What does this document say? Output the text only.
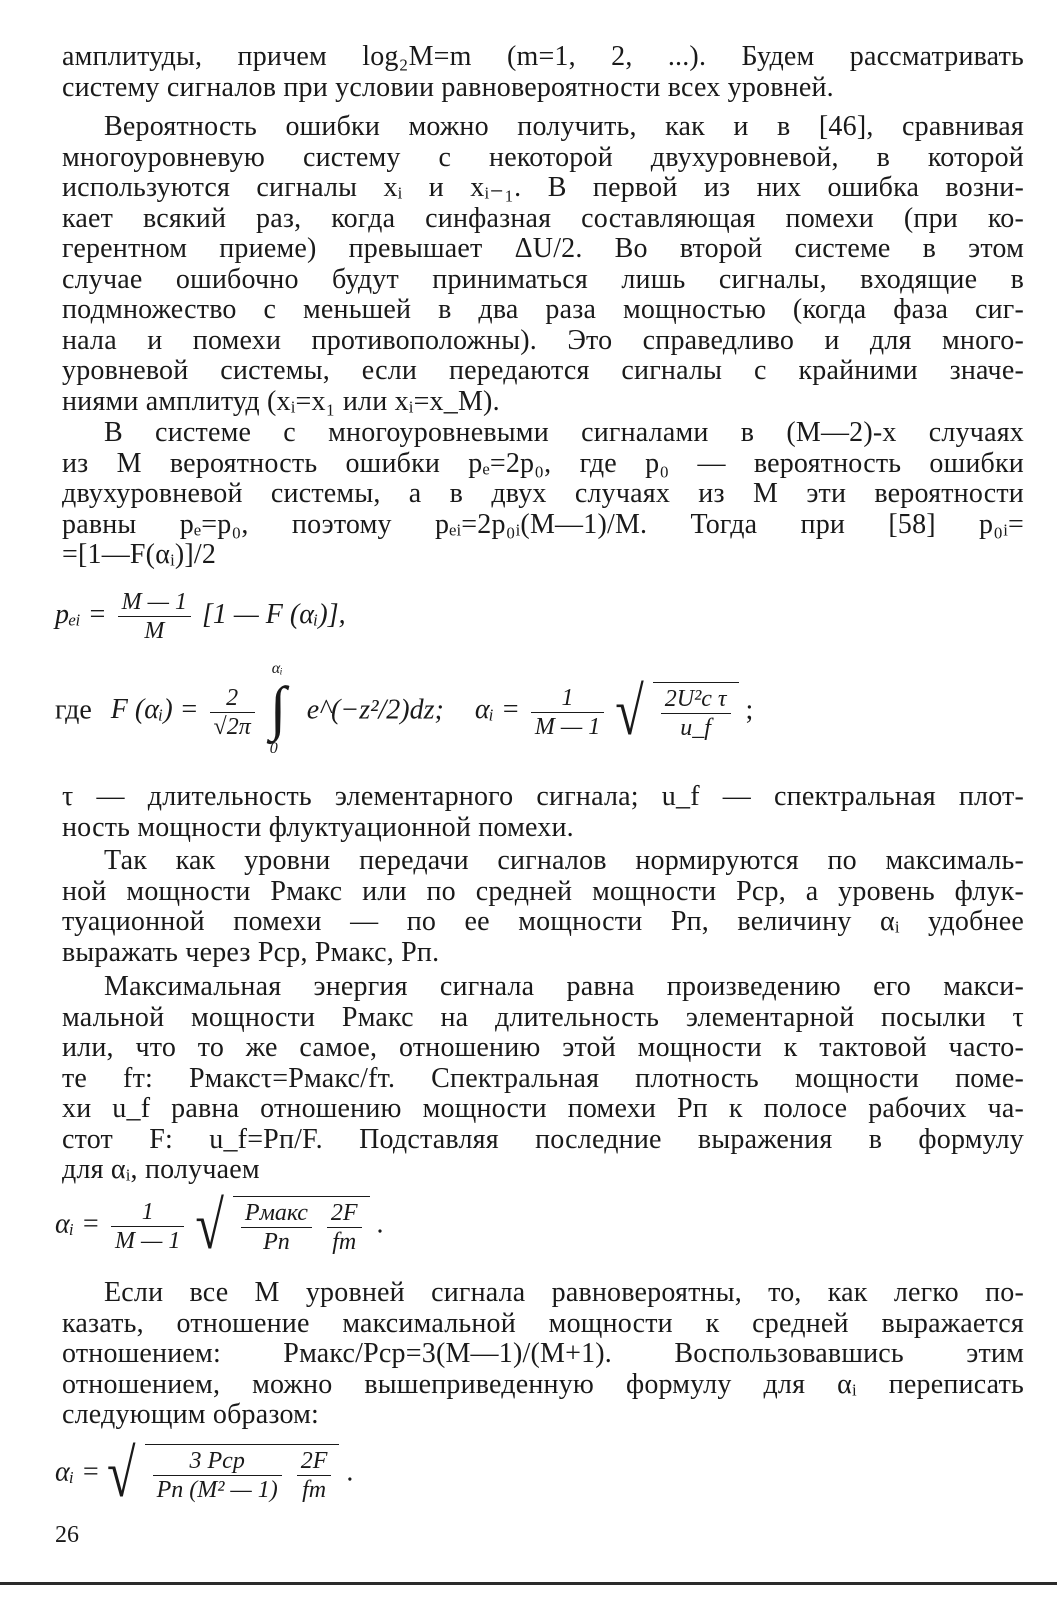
амплитуды, причем log₂M=m (m=1, 2, ...). Будем рассматривать
систему сигналов при условии равновероятности всех уровней.
Вероятность ошибки можно получить, как и в [46], сравнивая
многоуровневую систему с некоторой двухуровневой, в которой
используются сигналы xᵢ и xᵢ₋₁. В первой из них ошибка возни-
кает всякий раз, когда синфазная составляющая помехи (при ко-
герентном приеме) превышает ΔU/2. Во второй системе в этом
случае ошибочно будут приниматься лишь сигналы, входящие в
подмножество с меньшей в два раза мощностью (когда фаза сиг-
нала и помехи противоположны). Это справедливо и для много-
уровневой системы, если передаются сигналы с крайними значе-
ниями амплитуд (xᵢ=x₁ или xᵢ=x_M).
В системе с многоуровневыми сигналами в (M—2)-х случаях
из M вероятность ошибки pₑ=2p₀, где p₀ — вероятность ошибки
двухуровневой системы, а в двух случаях из M эти вероятности
равны pₑ=p₀, поэтому pₑᵢ=2p₀ᵢ(M—1)/M. Тогда при [58] p₀ᵢ=
=[1—F(αᵢ)]/2
pₑᵢ = $\frac{M — 1}{M} [1$ — F (αᵢ)],
где F (αᵢ) = $\frac{2}{√2\pi}$

αᵢ
∫
0
e^(−z²/2)dz; αᵢ = $\frac{1}{M — 1}$ √ $\frac{\text{2U²c τ}}{u\_f}$ ;
τ — длительность элементарного сигнала; u_f — спектральная плот-
ность мощности флуктуационной помехи.
Так как уровни передачи сигналов нормируются по максималь-
ной мощности Pмакс или по средней мощности Pср, а уровень флук-
туационной помехи — по ее мощности Pп, величину αᵢ удобнее
выражать через Pср, Pмакс, Pп.
Максимальная энергия сигнала равна произведению его макси-
мальной мощности Pмакс на длительность элементарной посылки τ
или, что то же самое, отношению этой мощности к тактовой часто-
те fт: Pмаксτ=Pмакс/fт. Спектральная плотность мощности поме-
хи u_f равна отношению мощности помехи Pп к полосе рабочих ча-
стот F: u_f=Pп/F. Подставляя последние выражения в формулу
для αᵢ, получаем
αᵢ = $\frac{1}{M — 1}$ √ $\frac{\text{Pмакс}}{Pп}$
$\frac{2F}{fт}$ .
Если все M уровней сигнала равновероятны, то, как легко по-
казать, отношение максимальной мощности к средней выражается
отношением: Pмакс/Pср=3(M—1)/(M+1). Воспользовавшись этим
отношением, можно вышеприведенную формулу для αᵢ переписать
следующим образом:
αᵢ = √ $\frac{\text{3 Pср}}{\text{Pп (M² — 1)}}$
$\frac{2F}{fт}$ .
26
